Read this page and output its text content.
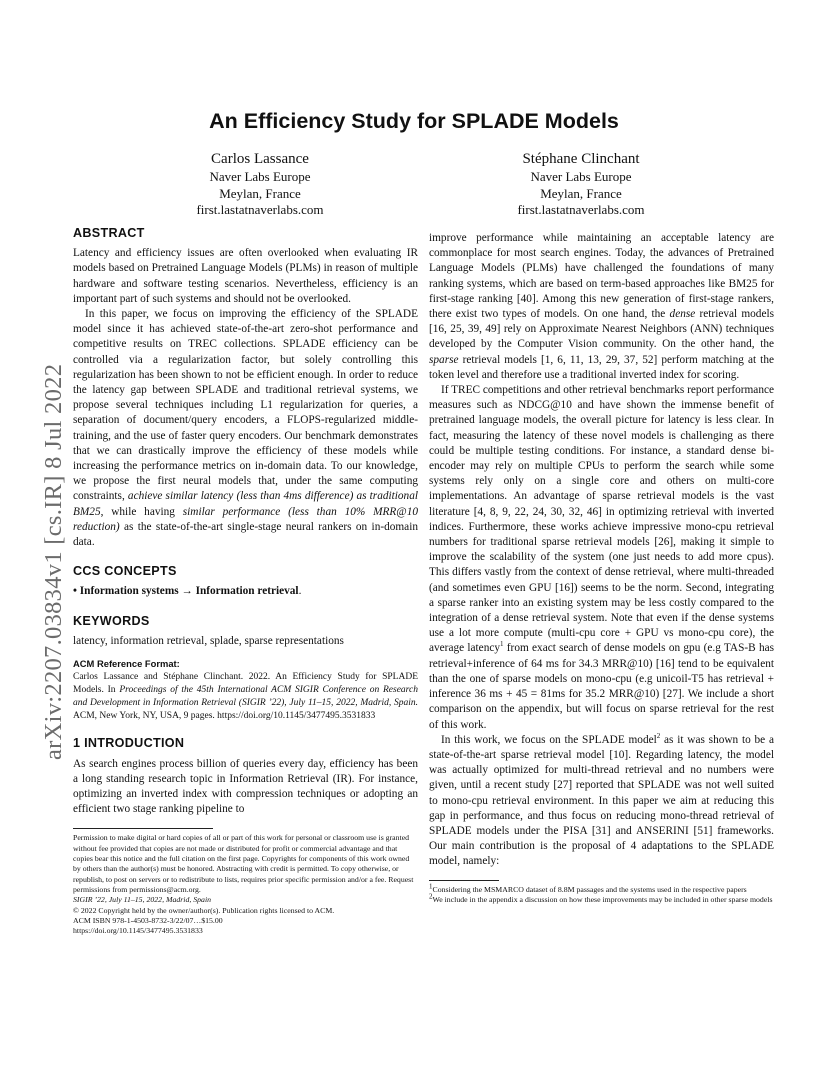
arXiv:2207.03834v1 [cs.IR] 8 Jul 2022
An Efficiency Study for SPLADE Models
Carlos Lassance
Naver Labs Europe
Meylan, France
first.lastatnaverlabs.com
Stéphane Clinchant
Naver Labs Europe
Meylan, France
first.lastatnaverlabs.com
ABSTRACT

Latency and efficiency issues are often overlooked when evaluating IR models based on Pretrained Language Models (PLMs) in reason of multiple hardware and software testing scenarios. Nevertheless, efficiency is an important part of such systems and should not be overlooked.

In this paper, we focus on improving the efficiency of the SPLADE model since it has achieved state-of-the-art zero-shot performance and competitive results on TREC collections. SPLADE efficiency can be controlled via a regularization factor, but solely controlling this regularization has been shown to not be efficient enough. In order to reduce the latency gap between SPLADE and traditional retrieval systems, we propose several techniques including L1 regularization for queries, a separation of document/query encoders, a FLOPS-regularized middle-training, and the use of faster query encoders. Our benchmark demonstrates that we can drastically improve the efficiency of these models while increasing the performance metrics on in-domain data. To our knowledge, we propose the first neural models that, under the same computing constraints, achieve similar latency (less than 4ms difference) as traditional BM25, while having similar performance (less than 10% MRR@10 reduction) as the state-of-the-art single-stage neural rankers on in-domain data.

CCS CONCEPTS

• Information systems → Information retrieval.

KEYWORDS

latency, information retrieval, splade, sparse representations

ACM Reference Format:

Carlos Lassance and Stéphane Clinchant. 2022. An Efficiency Study for SPLADE Models. In Proceedings of the 45th International ACM SIGIR Conference on Research and Development in Information Retrieval (SIGIR ’22), July 11–15, 2022, Madrid, Spain. ACM, New York, NY, USA, 9 pages. https://doi.org/10.1145/3477495.3531833

1 INTRODUCTION

As search engines process billion of queries every day, efficiency has been a long standing research topic in Information Retrieval (IR). For instance, optimizing an inverted index with compression techniques or adopting an efficient two stage ranking pipeline to

Permission to make digital or hard copies of all or part of this work for personal or classroom use is granted without fee provided that copies are not made or distributed for profit or commercial advantage and that copies bear this notice and the full citation on the first page. Copyrights for components of this work owned by others than the author(s) must be honored. Abstracting with credit is permitted. To copy otherwise, or republish, to post on servers or to redistribute to lists, requires prior specific permission and/or a fee. Request permissions from permissions@acm.org.

SIGIR ’22, July 11–15, 2022, Madrid, Spain

© 2022 Copyright held by the owner/author(s). Publication rights licensed to ACM.

ACM ISBN 978-1-4503-8732-3/22/07…$15.00

https://doi.org/10.1145/3477495.3531833

improve performance while maintaining an acceptable latency are commonplace for most search engines. Today, the advances of Pretrained Language Models (PLMs) have challenged the foundations of many ranking systems, which are based on term-based approaches like BM25 for first-stage ranking [40]. Among this new generation of first-stage rankers, there exist two types of models. On one hand, the dense retrieval models [16, 25, 39, 49] rely on Approximate Nearest Neighbors (ANN) techniques developed by the Computer Vision community. On the other hand, the sparse retrieval models [1, 6, 11, 13, 29, 37, 52] perform matching at the token level and therefore use a traditional inverted index for scoring.

If TREC competitions and other retrieval benchmarks report performance measures such as NDCG@10 and have shown the immense benefit of pretrained language models, the overall picture for latency is less clear. In fact, measuring the latency of these novel models is challenging as there could be multiple testing conditions. For instance, a standard dense bi-encoder may rely on multiple CPUs to perform the search while some systems rely only on a single core and others on multi-core implementations. An advantage of sparse retrieval models is the vast literature [4, 8, 9, 22, 24, 30, 32, 46] in optimizing retrieval with inverted indices. Furthermore, these works achieve impressive mono-cpu retrieval numbers for traditional sparse retrieval models [26], making it simple to improve the scalability of the system (one just needs to add more cpus). This differs vastly from the context of dense retrieval, where multi-threaded (and sometimes even GPU [16]) seems to be the norm. Second, integrating a sparse ranker into an existing system may be less costly compared to the integration of a dense retrieval system. Note that even if the dense systems use a lot more compute (multi-cpu core + GPU vs mono-cpu core), the average latency$^1$ from exact search of dense models on gpu (e.g TAS-B has retrieval+inference of 64 ms for 34.3 MRR@10) [16] tend to be equivalent than the one of sparse models on mono-cpu (e.g unicoil-T5 has retrieval + inference 36 ms + 45 = 81ms for 35.2 MRR@10) [27]. We include a short comparison on the appendix, but will focus on sparse retrieval for the rest of this work.

In this work, we focus on the SPLADE model$^2$ as it was shown to be a state-of-the-art sparse retrieval model [10]. Regarding latency, the model was actually optimized for multi-thread retrieval and no numbers were given, until a recent study [27] reported that SPLADE was not well suited to mono-cpu retrieval environment. In this paper we aim at reducing this gap in performance, and thus focus on reducing mono-thread retrieval of SPLADE models under the PISA [31] and ANSERINI [51] frameworks. Our main contribution is the proposal of 4 adaptations to the SPLADE model, namely:

$^1$Considering the MSMARCO dataset of 8.8M passages and the systems used in the respective papers
$^2$We include in the appendix a discussion on how these improvements may be included in other sparse models
